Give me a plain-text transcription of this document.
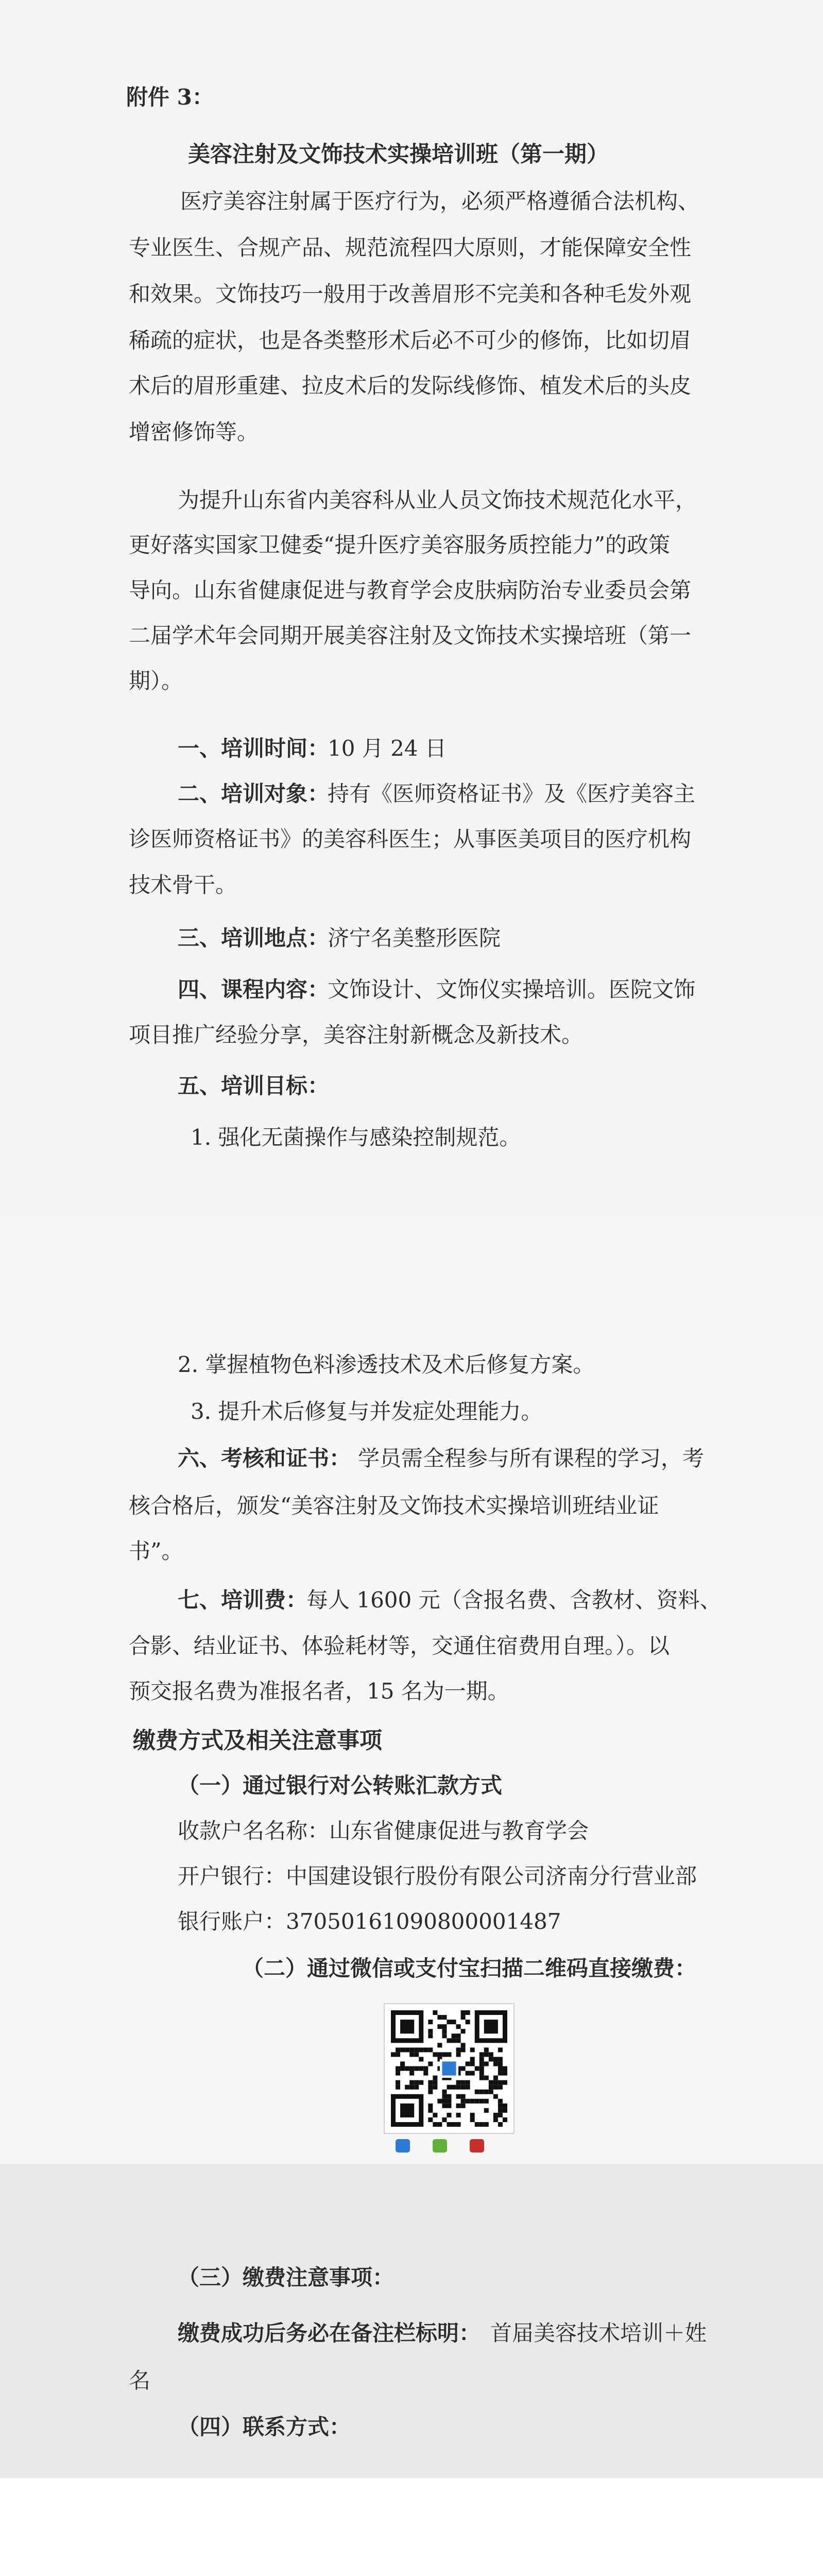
附件 3：
美容注射及文饰技术实操培训班（第一期）
医疗美容注射属于医疗行为，必须严格遵循合法机构、
专业医生、合规产品、规范流程四大原则，才能保障安全性
和效果。文饰技巧一般用于改善眉形不完美和各种毛发外观
稀疏的症状，也是各类整形术后必不可少的修饰，比如切眉
术后的眉形重建、拉皮术后的发际线修饰、植发术后的头皮
增密修饰等。
为提升山东省内美容科从业人员文饰技术规范化水平，
更好落实国家卫健委“提升医疗美容服务质控能力”的政策
导向。山东省健康促进与教育学会皮肤病防治专业委员会第
二届学术年会同期开展美容注射及文饰技术实操培班（第一
期）。
一、培训时间：
10 月 24 日
二、培训对象：
持有《医师资格证书》及《医疗美容主
诊医师资格证书》的美容科医生；从事医美项目的医疗机构
技术骨干。
三、培训地点：
济宁名美整形医院
四、课程内容：
文饰设计、文饰仪实操培训。医院文饰
项目推广经验分享，美容注射新概念及新技术。
五、培训目标：
1. 强化无菌操作与感染控制规范。
2. 掌握植物色料渗透技术及术后修复方案。
3. 提升术后修复与并发症处理能力。
六、考核和证书： 学员需全程参与所有课程的学习，考
核合格后，颁发“美容注射及文饰技术实操培训班结业证
书”。
七、培训费：
每人 1600 元（含报名费、含教材、资料、
合影、结业证书、体验耗材等，交通住宿费用自理。）。以
预交报名费为准报名者，15 名为一期。
缴费方式及相关注意事项
（一）通过银行对公转账汇款方式
收款户名名称：山东省健康促进与教育学会
开户银行：中国建设银行股份有限公司济南分行营业部
银行账户：37050161090800001487
（二）通过微信或支付宝扫描二维码直接缴费：
（三）缴费注意事项：
缴费成功后务必在备注栏标明： 首届美容技术培训＋姓
名
（四）联系方式：
